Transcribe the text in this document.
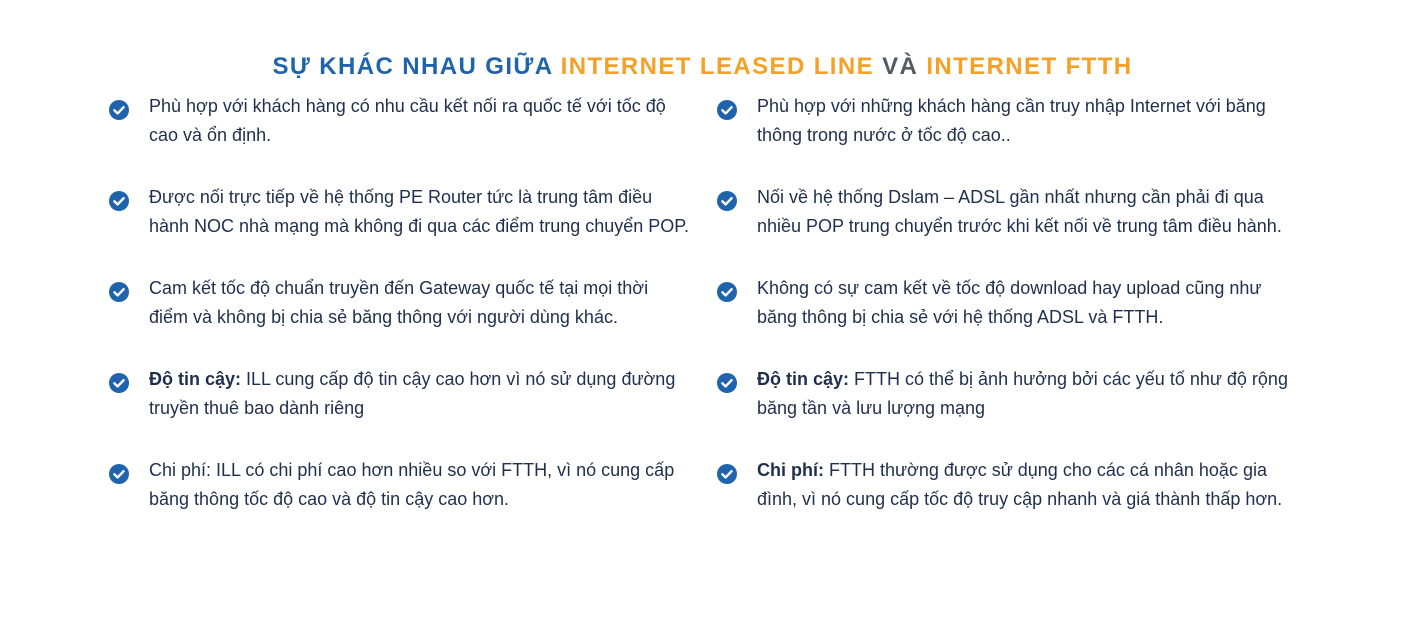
SỰ KHÁC NHAU GIỮA INTERNET LEASED LINE VÀ INTERNET FTTH
Phù hợp với khách hàng có nhu cầu kết nối ra quốc tế với tốc độ cao và ổn định.
Được nối trực tiếp về hệ thống PE Router tức là trung tâm điều hành NOC nhà mạng mà không đi qua các điểm trung chuyển POP.
Cam kết tốc độ chuẩn truyền đến Gateway quốc tế tại mọi thời điểm và không bị chia sẻ băng thông với người dùng khác.
Độ tin cậy: ILL cung cấp độ tin cậy cao hơn vì nó sử dụng đường truyền thuê bao dành riêng
Chi phí: ILL có chi phí cao hơn nhiều so với FTTH, vì nó cung cấp băng thông tốc độ cao và độ tin cậy cao hơn.
Phù hợp với những khách hàng cần truy nhập Internet với băng thông trong nước ở tốc độ cao..
Nối về hệ thống Dslam – ADSL gần nhất nhưng cần phải đi qua nhiều POP trung chuyển trước khi kết nối về trung tâm điều hành.
Không có sự cam kết về tốc độ download hay upload cũng như băng thông bị chia sẻ với hệ thống ADSL và FTTH.
Độ tin cậy: FTTH có thể bị ảnh hưởng bởi các yếu tố như độ rộng băng tần và lưu lượng mạng
Chi phí: FTTH thường được sử dụng cho các cá nhân hoặc gia đình, vì nó cung cấp tốc độ truy cập nhanh và giá thành thấp hơn.
